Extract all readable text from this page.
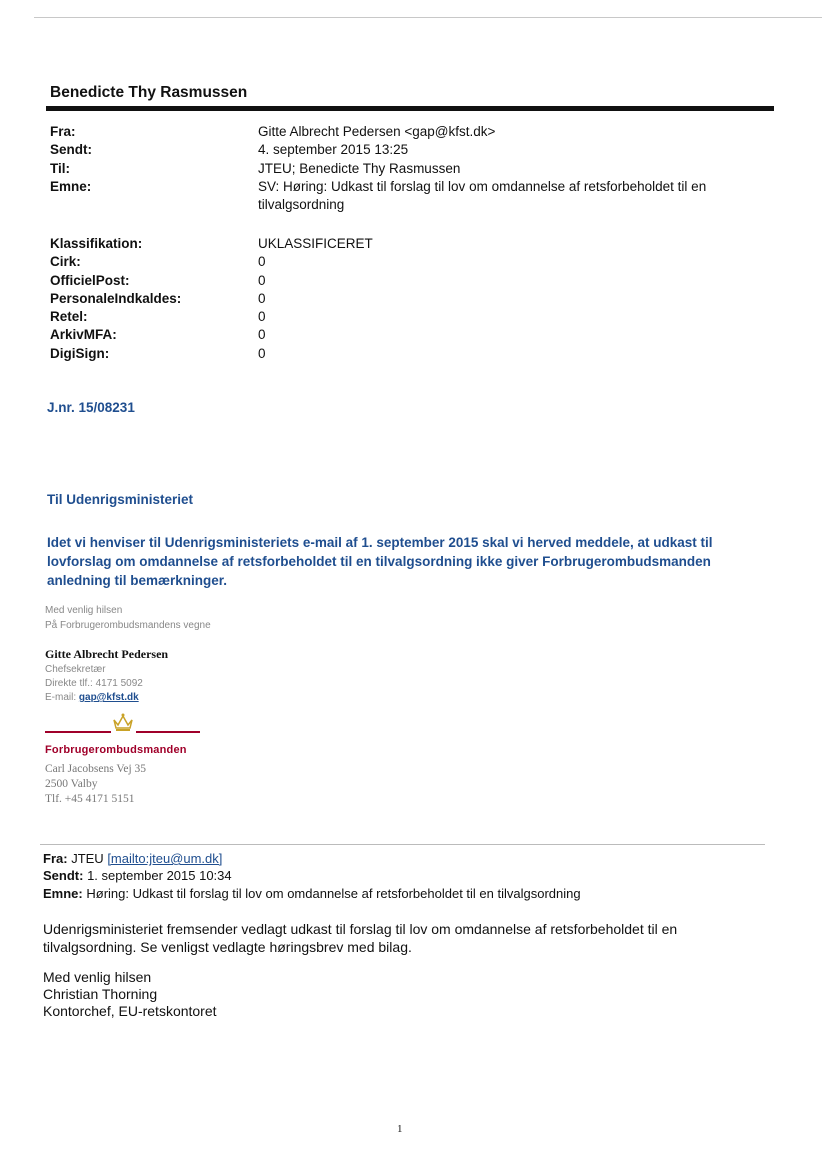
Benedicte Thy Rasmussen
Fra:	Gitte Albrecht Pedersen <gap@kfst.dk>
Sendt:	4. september 2015 13:25
Til:	JTEU; Benedicte Thy Rasmussen
Emne:	SV: Høring: Udkast til forslag til lov om omdannelse af retsforbeholdet til en tilvalgsordning
Klassifikation:	UKLASSIFICERET
Cirk:	0
OfficielPost:	0
PersonaleIndkaldes:	0
Retel:	0
ArkivMFA:	0
DigiSign:	0
J.nr. 15/08231
Til Udenrigsministeriet
Idet vi henviser til Udenrigsministeriets e-mail af 1. september 2015 skal vi herved meddele, at udkast til lovforslag om omdannelse af retsforbeholdet til en tilvalgsordning ikke giver Forbrugerombudsmanden anledning til bemærkninger.
Med venlig hilsen
På Forbrugerombudsmandens vegne
Gitte Albrecht Pedersen
Chefsekretær
Direkte tlf.: 4171 5092
E-mail: gap@kfst.dk
Forbrugerombudsmanden
Carl Jacobsens Vej 35
2500 Valby
Tlf. +45 4171 5151
Fra: JTEU [mailto:jteu@um.dk]
Sendt: 1. september 2015 10:34
Emne: Høring: Udkast til forslag til lov om omdannelse af retsforbeholdet til en tilvalgsordning
Udenrigsministeriet fremsender vedlagt udkast til forslag til lov om omdannelse af retsforbeholdet til en tilvalgsordning. Se venligst vedlagte høringsbrev med bilag.
Med venlig hilsen
Christian Thorning
Kontorchef, EU-retskontoret
1
